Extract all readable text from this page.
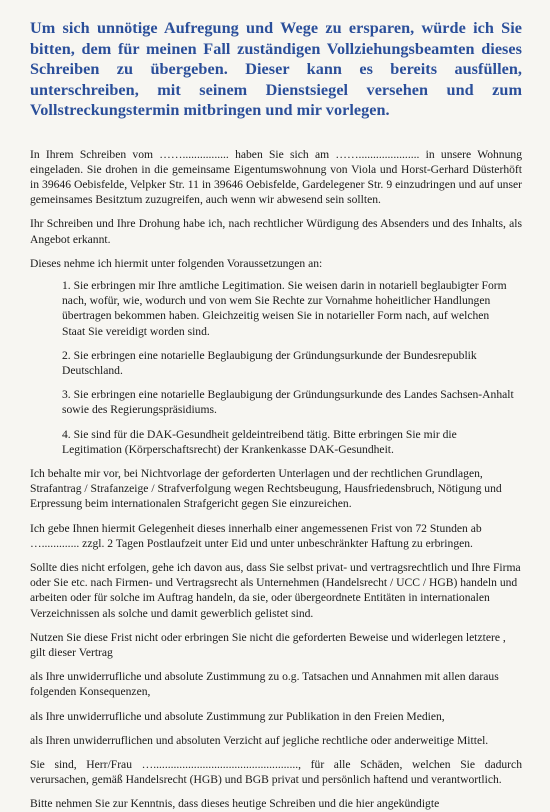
Um sich unnötige Aufregung und Wege zu ersparen, würde ich Sie bitten, dem für meinen Fall zuständigen Vollziehungsbeamten dieses Schreiben zu übergeben. Dieser kann es bereits ausfüllen, unterschreiben, mit seinem Dienstsiegel versehen und zum Vollstreckungstermin mitbringen und mir vorlegen.

In Ihrem Schreiben vom ……................ haben Sie sich am ……..................... in unsere Wohnung eingeladen. Sie drohen in die gemeinsame Eigentumswohnung von Viola und Horst-Gerhard Düsterhöft in 39646 Oebisfelde, Velpker Str. 11 in 39646 Oebisfelde, Gardelegener Str. 9 einzudringen und auf unser gemeinsames Besitztum zuzugreifen, auch wenn wir abwesend sein sollten.

Ihr Schreiben und Ihre Drohung habe ich, nach rechtlicher Würdigung des Absenders und des Inhalts, als Angebot erkannt.

Dieses nehme ich hiermit unter folgenden Voraussetzungen an:

1. Sie erbringen mir Ihre amtliche Legitimation. Sie weisen darin in notariell beglaubigter Form nach, wofür, wie, wodurch und von wem Sie Rechte zur Vornahme hoheitlicher Handlungen übertragen bekommen haben. Gleichzeitig weisen Sie in notarieller Form nach, auf welchen Staat Sie vereidigt worden sind.

2. Sie erbringen eine notarielle Beglaubigung der Gründungsurkunde der Bundesrepublik Deutschland.

3. Sie erbringen eine notarielle Beglaubigung der Gründungsurkunde des Landes Sachsen-Anhalt sowie des Regierungspräsidiums.

4. Sie sind für die DAK-Gesundheit geldeintreibend tätig. Bitte erbringen Sie mir die Legitimation (Körperschaftsrecht) der Krankenkasse DAK-Gesundheit.

Ich behalte mir vor, bei Nichtvorlage der geforderten Unterlagen und der rechtlichen Grundlagen, Strafantrag / Strafanzeige / Strafverfolgung wegen Rechtsbeugung, Hausfriedensbruch, Nötigung und Erpressung beim internationalen Strafgericht gegen Sie einzureichen.

Ich gebe Ihnen hiermit Gelegenheit dieses innerhalb einer angemessenen Frist von 72 Stunden ab …............. zzgl. 2 Tagen Postlaufzeit unter Eid und unter unbeschränkter Haftung zu erbringen.

Sollte dies nicht erfolgen, gehe ich davon aus, dass Sie selbst privat- und vertragsrechtlich und Ihre Firma oder Sie etc. nach Firmen- und Vertragsrecht als Unternehmen (Handelsrecht / UCC / HGB) handeln und arbeiten oder für solche im Auftrag handeln, da sie, oder übergeordnete Entitäten in internationalen Verzeichnissen als solche und damit gewerblich gelistet sind.

Nutzen Sie diese Frist nicht oder erbringen Sie nicht die geforderten Beweise und widerlegen letztere , gilt dieser Vertrag

als Ihre unwiderrufliche und absolute Zustimmung zu o.g. Tatsachen und Annahmen mit allen daraus folgenden Konsequenzen,

als Ihre unwiderrufliche und absolute Zustimmung zur Publikation in den Freien Medien,

als Ihren unwiderruflichen und absoluten Verzicht auf jegliche rechtliche oder anderweitige Mittel.

Sie sind, Herr/Frau ….................................................., für alle Schäden, welchen Sie dadurch verursachen, gemäß Handelsrecht (HGB) und BGB privat und persönlich haftend und verantwortlich.

Bitte nehmen Sie zur Kenntnis, dass dieses heutige Schreiben und die hier angekündigte
